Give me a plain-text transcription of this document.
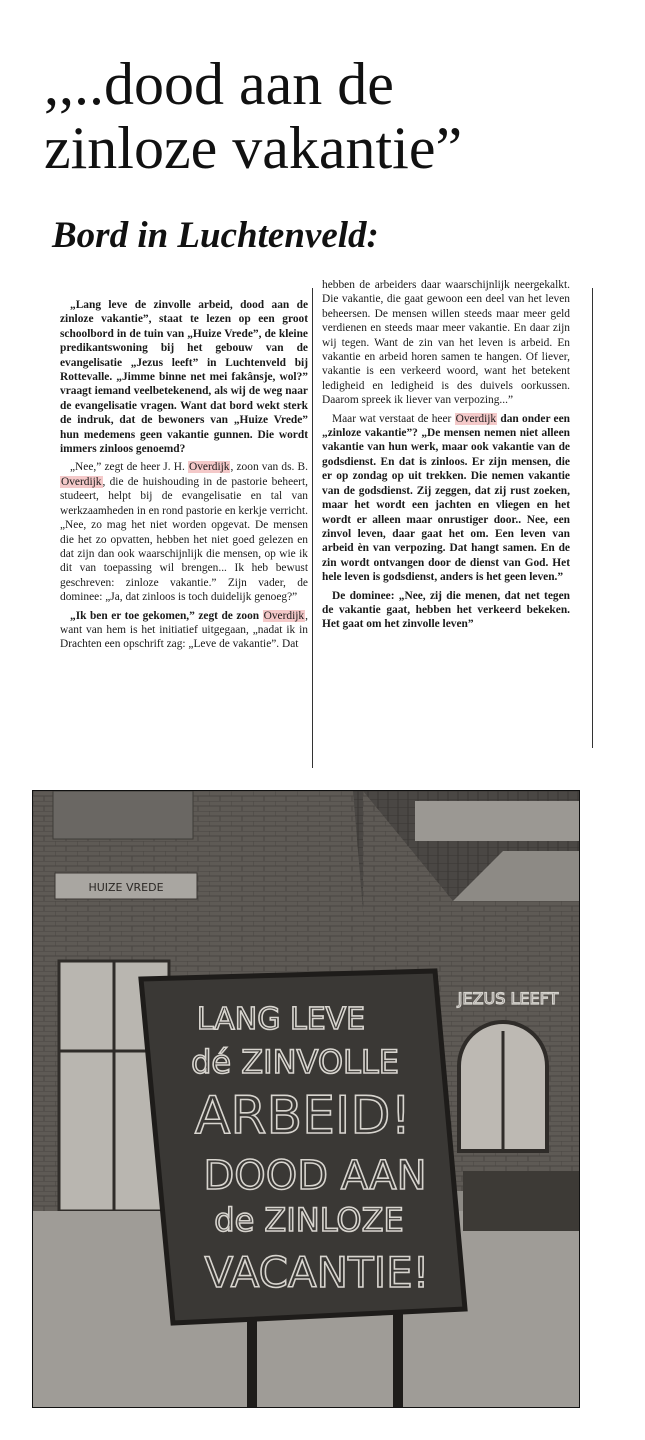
,,..dood aan de
zinloze vakantie”
Bord in Luchtenveld:

„Lang leve de zinvolle arbeid, dood aan de zinloze vakantie”, staat te lezen op een groot schoolbord in de tuin van „Huize Vrede”, de kleine predikantswoning bij het gebouw van de evangelisatie „Jezus leeft” in Luchtenveld bij Rottevalle. „Jimme binne net mei fakânsje, wol?” vraagt iemand veelbetekenend, als wij de weg naar de evangelisatie vragen. Want dat bord wekt sterk de indruk, dat de bewoners van „Huize Vrede” hun medemens geen vakantie gunnen. Die wordt immers zinloos genoemd?

„Nee,” zegt de heer J. H. Overdijk, zoon van ds. B. Overdijk, die de huishouding in de pastorie beheert, studeert, helpt bij de evangelisatie en tal van werkzaamheden in en rond pastorie en kerkje verricht. „Nee, zo mag het niet worden opgevat. De mensen die het zo opvatten, hebben het niet goed gelezen en dat zijn dan ook waarschijnlijk die mensen, op wie ik dit van toepassing wil brengen... Ik heb bewust geschreven: zinloze vakantie.” Zijn vader, de dominee: „Ja, dat zinloos is toch duidelijk genoeg?”

„Ik ben er toe gekomen,” zegt de zoon Overdijk, want van hem is het initiatief uitgegaan, „nadat ik in Drachten een opschrift zag: „Leve de vakantie”. Dat

hebben de arbeiders daar waarschijnlijk neergekalkt. Die vakantie, die gaat gewoon een deel van het leven beheersen. De mensen willen steeds maar meer geld verdienen en steeds maar meer vakantie. En daar zijn wij tegen. Want de zin van het leven is arbeid. En vakantie en arbeid horen samen te hangen. Of liever, vakantie is een verkeerd woord, want het betekent ledigheid en ledigheid is des duivels oorkussen. Daarom spreek ik liever van verpozing...”

Maar wat verstaat de heer Overdijk dan onder een „zinloze vakantie”? „De mensen nemen niet alleen vakantie van hun werk, maar ook vakantie van de godsdienst. En dat is zinloos. Er zijn mensen, die er op zondag op uit trekken. Die nemen vakantie van de godsdienst. Zij zeggen, dat zij rust zoeken, maar het wordt een jachten en vliegen en het wordt er alleen maar onrustiger door.. Nee, een zinvol leven, daar gaat het om. Een leven van arbeid èn van verpozing. Dat hangt samen. En de zin wordt ontvangen door de dienst van God. Het hele leven is godsdienst, anders is het geen leven.”

De dominee: „Nee, zij die menen, dat net tegen de vakantie gaat, hebben het verkeerd bekeken. Het gaat om het zinvolle leven”

HUIZE VREDE
JEZUS LEEFT
LANG LEVE
dé ZINVOLLE
ARBEID!
DOOD AAN
de ZINLOZE
VACANTIE!
